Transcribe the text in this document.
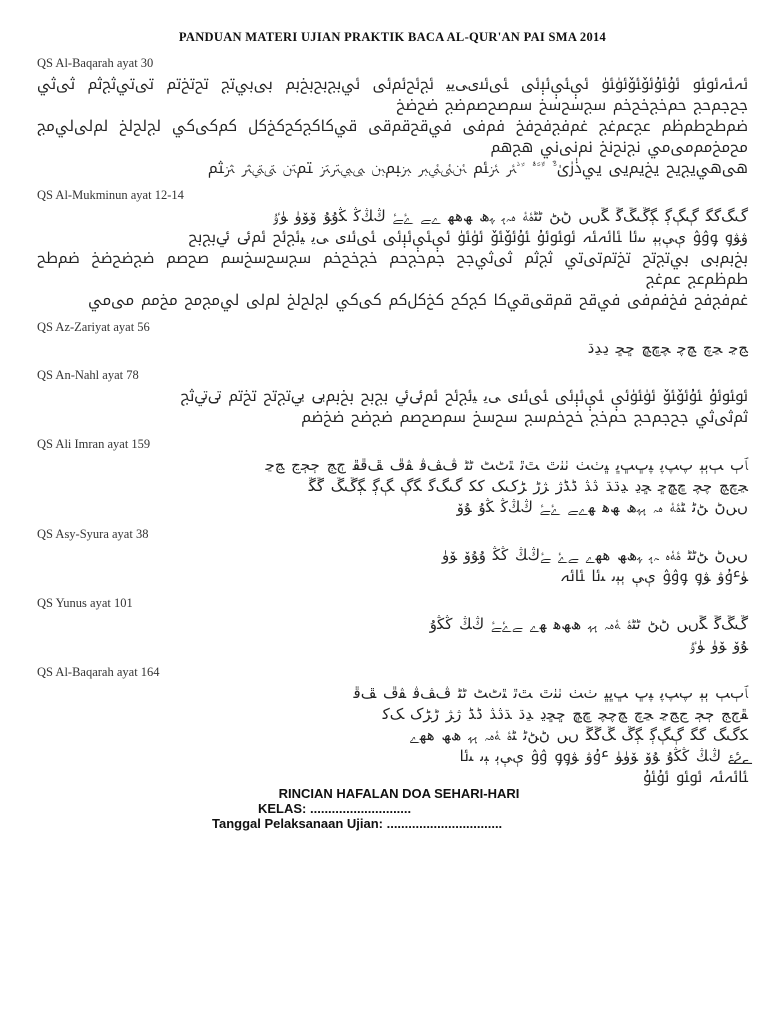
PANDUAN MATERI UJIAN PRAKTIK BACA AL-QUR'AN PAI SMA 2014
QS Al-Baqarah ayat 30
ﯬﯭﯮﯯ ﯰﯱﯲﯳﯴﯵ ﯶﯷﯸﯹ ﯺﯻﯼﯽﯾﯿ ﰀﰁﰂﰃ ﰄﰅﰆﰇﰈ ﰉﰊﰋ ﰌﰍﰎ ﰏﰐﰑﰒ ﰓﰔ ﰕﰖﰗ ﰘﰙﰚﰛ ﰜﰝﰞ ﰟﰠﰡﰢ ﰣﰤ
ﰥﰦﰧﰨ ﰩﰪﰫ ﰬﰭﰮﰯ ﰰﰱ ﰲﰳﰴﰵ ﰶﰷﰸﰹﰺﰻ ﰼﰽﰾ ﰿﱀﱁ ﱂﱃﱄﱅ ﱆﱇﱈﱉﱊ ﱋﱌﱍ ﱎﱏﱐ ﱑﱒ
ﱓﱔﱕﱖ ﱗﱘﱙ ﱚﱛﱜﱝﱞ ﱟﱠﱡ ﱢﱣﱤ ﱥﱦ ﱧﱨﱩﱪ ﱫﱬﱭ ﱮﱯﱰﱱ ﱲﱳ ﱴﱵﱶ ﱷﱸ
QS Al-Mukminun ayat 12-14
ﮒﮓﮔﮕ ﮖﮗﮘ ﮙﮚﮛﮜ ﮝﮞﮟ ﮠﮡ ﮢﮣﮤﮥ ﮦﮧﮨ ﮩﮪ ﮫﮬﮭ ﮮﮯ ﮰﮱ ﯓﯔﯕ ﯖﯗﯘ ﯙﯚﯛ ﯜﯝ
ﯞﯟﯠ ﯡﯢﯣ ﯤﯥﯦﯧ ﯨﯩﯪ ﯫﯬﯭ ﯮﯯﯰ ﯱﯲﯳ ﯴﯵ ﯶﯷﯸﯹ ﯺﯻﯼ ﯽﯾ ﯿﰀﰁ ﰂﰃ ﰄﰅﰆ
ﰇﰈﰉ ﰊﰋﰌ ﰍﰎﰏﰐ ﰑﰒ ﰓﰔﰕ ﰖﰗﰘ ﰙﰚﰛ ﰜﰝﰞﰟ ﰠﰡ ﰢﰣﰤ ﰥﰦ ﰧﰨﰩ ﰪﰫ
ﰬﰭﰮ ﰯﰰﰱ ﰲﰳ ﰴﰵﰶﰷ ﰸﰹ ﰺﰻﰼ ﰽﰾ ﰿﱀﱁ ﱂﱃ ﱄﱅﱆ ﱇﱈ ﱉﱊ
QS Az-Zariyat ayat 56
ﭷﭸ ﭹﭺ ﭻﭼ ﭽﭾﭿ ﮀﮁ ﮂﮃﮄ
QS An-Nahl ayat 78
ﯮﯯﯰ ﯱﯲﯳ ﯴﯵﯶ ﯷﯸﯹ ﯺﯻﯼ ﯽﯾ ﯿﰀﰁ ﰂﰃﰄ ﰅﰆ ﰇﰈﰉ ﰊﰋﰌ ﰍﰎ ﰏﰐﰑ
ﰒﰓﰔ ﰕﰖﰗ ﰘﰙ ﰚﰛﰜ ﰝﰞ ﰟﰠﰡ ﰢﰣ ﰤﰥ
QS Ali Imran ayat 159
ﭑﭒ ﭓﭔﭕ ﭖﭗﭘ ﭙﭚﭛﭜ ﭝﭞﭟ ﭠﭡﭢ ﭣﭤ ﭥﭦﭧ ﭨﭩ ﭪﭫﭬ ﭭﭮ ﭯﭰﭱ ﭲﭳ ﭴﭵﭶ ﭷﭸ
ﭹﭺﭻ ﭼﭽ ﭾﭿﮀ ﮁﮂ ﮃﮄﮅ ﮆﮇ ﮈﮉﮊ ﮋﮌ ﮍﮎﮏ ﮐﮑ ﮒﮓﮔ ﮕﮖ ﮗﮘ ﮙﮚﮛ ﮜﮝ
ﮞﮟﮠ ﮡﮢ ﮣﮤﮥ ﮦﮧ ﮨﮩﮪ ﮫﮬ ﮭﮮﮯ ﮰﮱ ﯓﯔﯕ ﯖﯗ ﯘﯙ
QS Asy-Syura ayat 38
ﮞﮟﮠ ﮡﮢﮣ ﮤﮥﮦ ﮧﮨ ﮩﮪﮫ ﮬﮭﮮ ﮯﮰ ﮱﯓﯔ ﯕﯖ ﯗﯘﯙ ﯚﯛ
ﯜﯝﯞ ﯟﯠ ﯡﯢﯣ ﯤﯥ ﯦﯧﯨ ﯩﯪ ﯫﯬ
QS Yunus ayat 101
ﮚﮛﮜ ﮝﮞﮟ ﮠﮡ ﮢﮣﮤ ﮥﮦﮧ ﮨﮩ ﮪﮫﮬ ﮭﮮ ﮯﮰﮱ ﯓﯔ ﯕﯖﯗ
ﯘﯙ ﯚﯛ ﯜﯝ
QS Al-Baqarah ayat 164
ﭑﭒﭓ ﭔﭕ ﭖﭗﭘ ﭙﭚ ﭛﭜﭝ ﭞﭟ ﭠﭡﭢ ﭣﭤ ﭥﭦﭧ ﭨﭩ ﭪﭫﭬ ﭭﭮ ﭯﭰ
ﭱﭲﭳ ﭴﭵ ﭶﭷﭸ ﭹﭺ ﭻﭼﭽ ﭾﭿ ﮀﮁﮂ ﮃﮄ ﮅﮆﮇ ﮈﮉ ﮊﮋ ﮌﮍﮎ ﮏﮐ
ﮑﮒﮓ ﮔﮕ ﮖﮗﮘ ﮙﮚ ﮛﮜﮝ ﮞﮟ ﮠﮡﮢ ﮣﮤ ﮥﮦﮧ ﮨﮩ ﮪﮫ ﮬﮭﮮ
ﮯﮰﮱ ﯓﯔ ﯕﯖﯗ ﯘﯙ ﯚﯛﯜ ﯝﯞ ﯟﯠﯡ ﯢﯣ ﯤﯥﯦ ﯧﯨ ﯩﯪ
ﯫﯬﯭ ﯮﯯ ﯰﯱ
RINCIAN HAFALAN DOA SEHARI-HARI
KELAS: ............................
Tanggal Pelaksanaan Ujian: ................................
